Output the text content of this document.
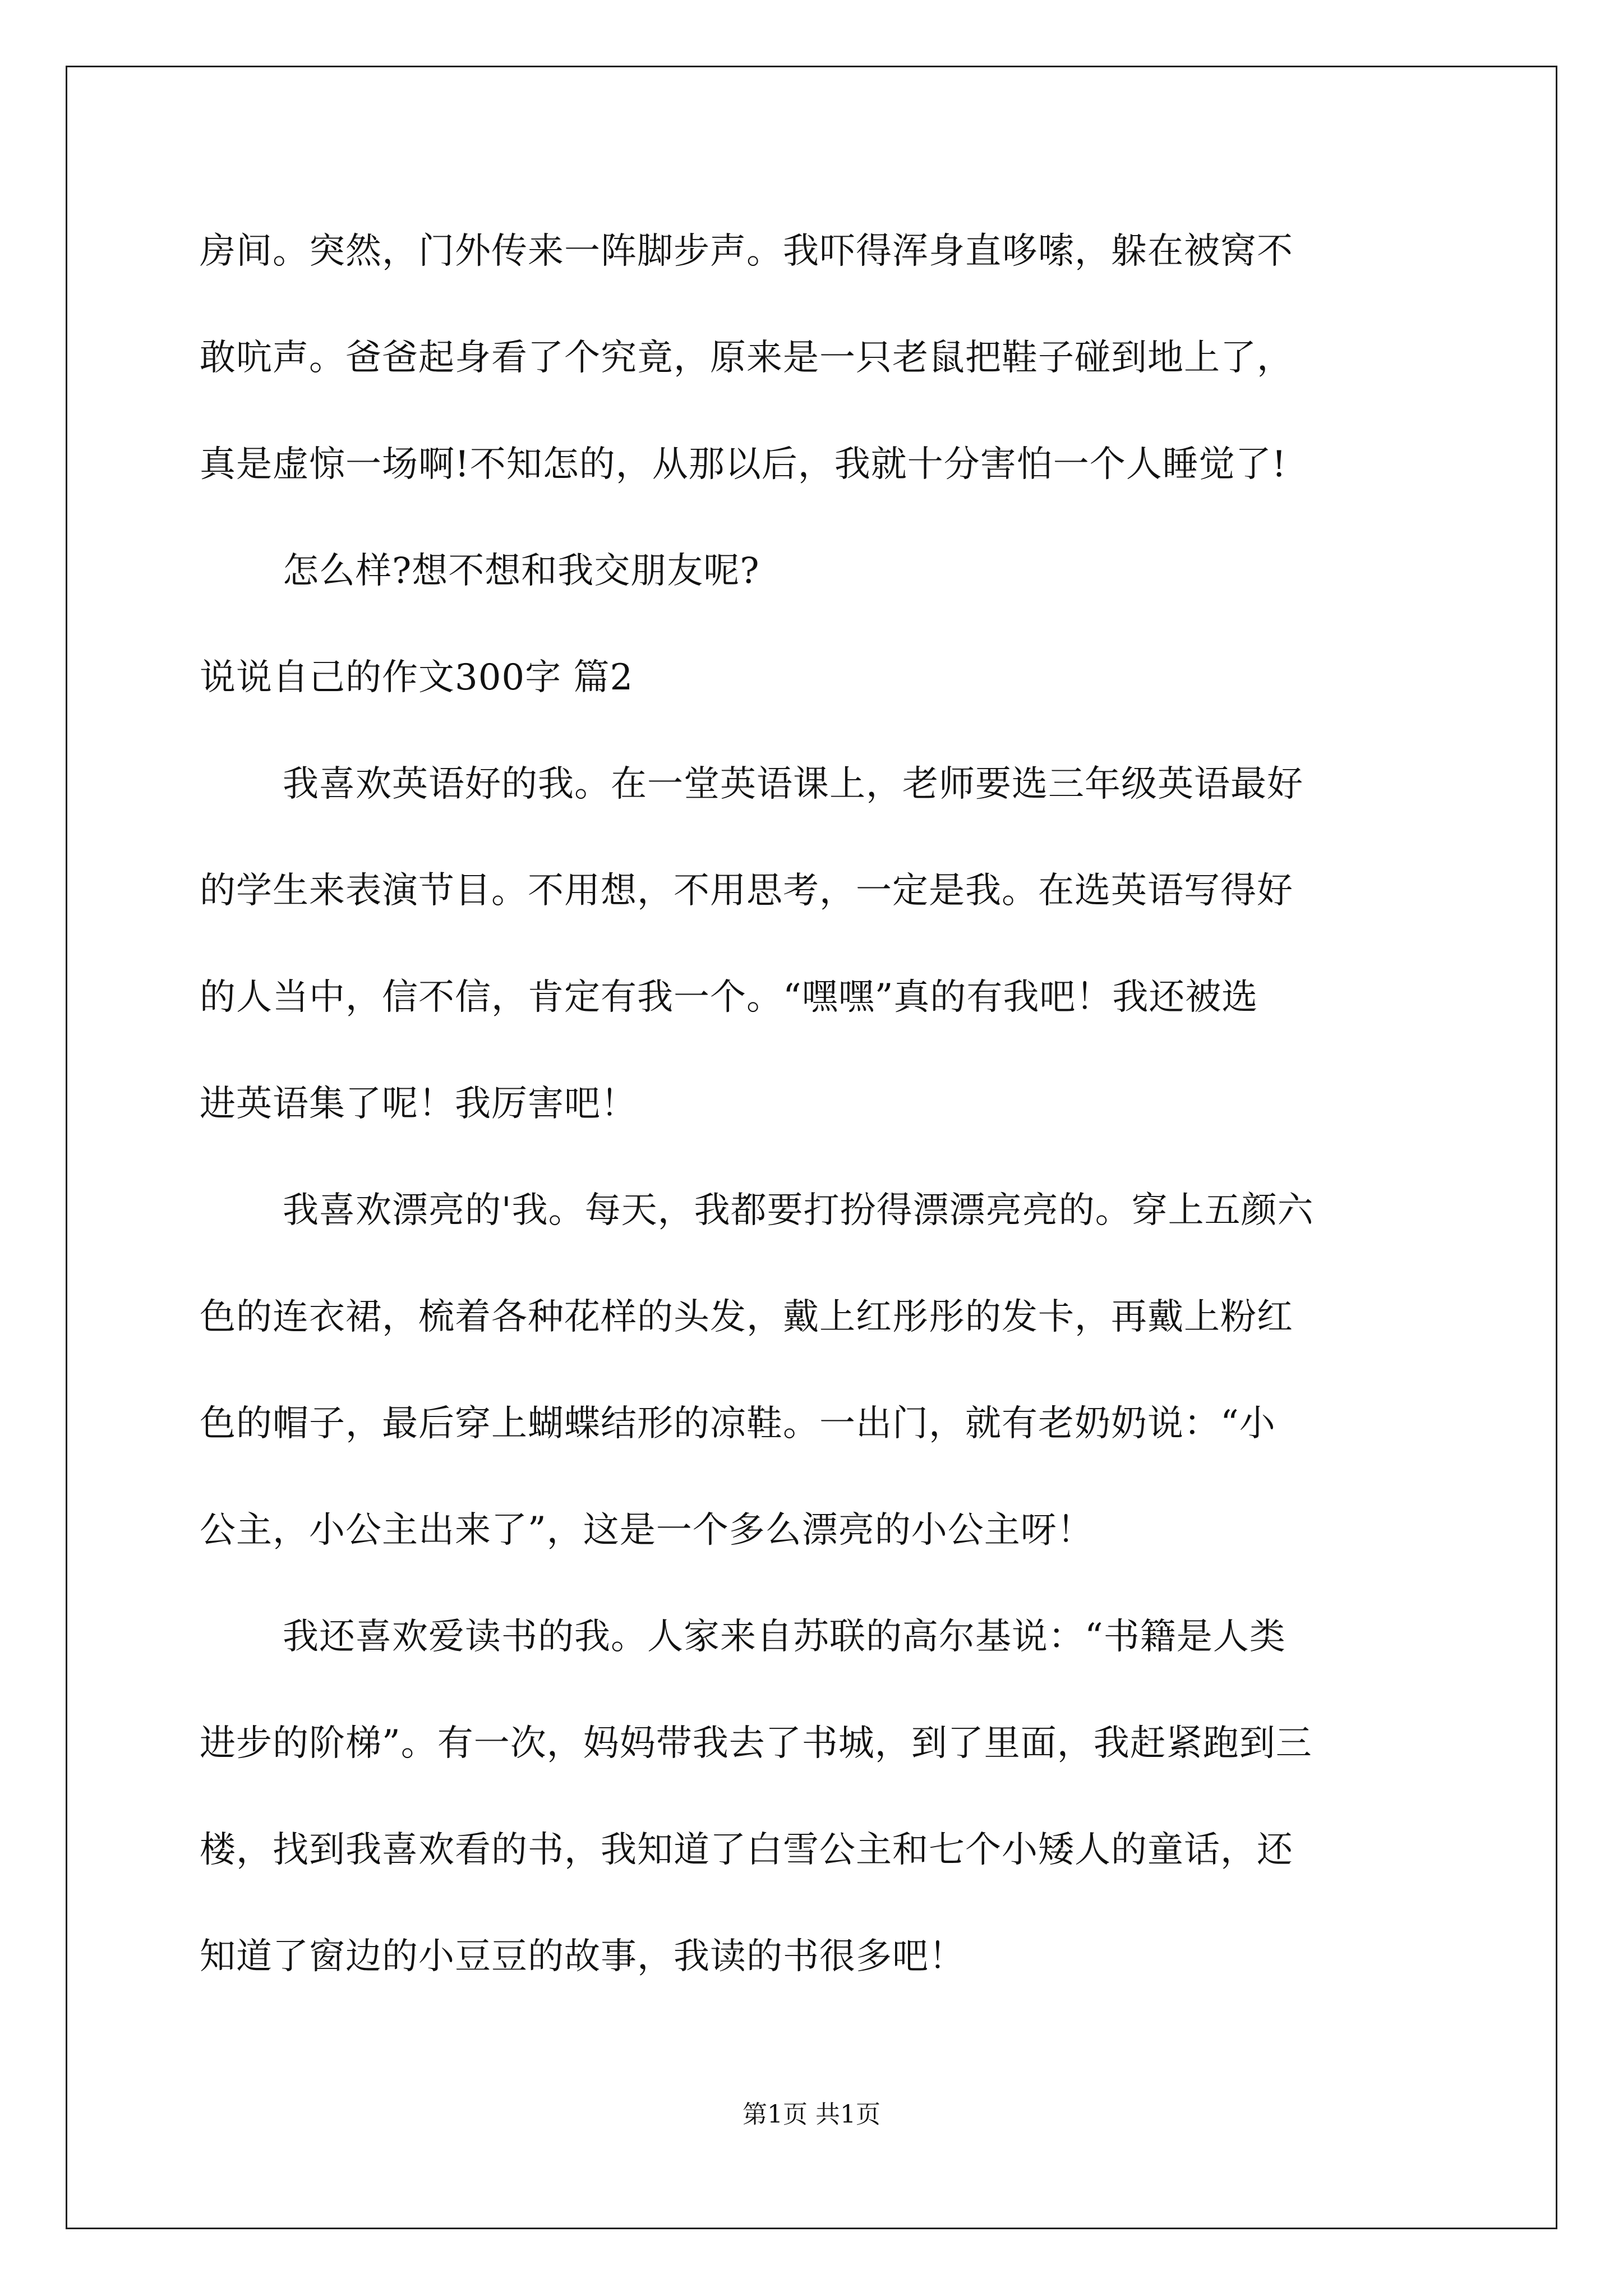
房间。突然，门外传来一阵脚步声。我吓得浑身直哆嗦，躲在被窝不
敢吭声。爸爸起身看了个究竟，原来是一只老鼠把鞋子碰到地上了，
真是虚惊一场啊!不知怎的，从那以后，我就十分害怕一个人睡觉了!
怎么样?想不想和我交朋友呢?
说说自己的作文300字 篇2
我喜欢英语好的我。在一堂英语课上，老师要选三年级英语最好
的学生来表演节目。不用想，不用思考，一定是我。在选英语写得好
的人当中，信不信，肯定有我一个。“嘿嘿”真的有我吧！我还被选
进英语集了呢！我厉害吧！
我喜欢漂亮的'我。每天，我都要打扮得漂漂亮亮的。穿上五颜六
色的连衣裙，梳着各种花样的头发，戴上红彤彤的发卡，再戴上粉红
色的帽子，最后穿上蝴蝶结形的凉鞋。一出门，就有老奶奶说：“小
公主，小公主出来了”，这是一个多么漂亮的小公主呀！
我还喜欢爱读书的我。人家来自苏联的高尔基说：“书籍是人类
进步的阶梯”。有一次，妈妈带我去了书城，到了里面，我赶紧跑到三
楼，找到我喜欢看的书，我知道了白雪公主和七个小矮人的童话，还
知道了窗边的小豆豆的故事，我读的书很多吧！
第1页 共1页
